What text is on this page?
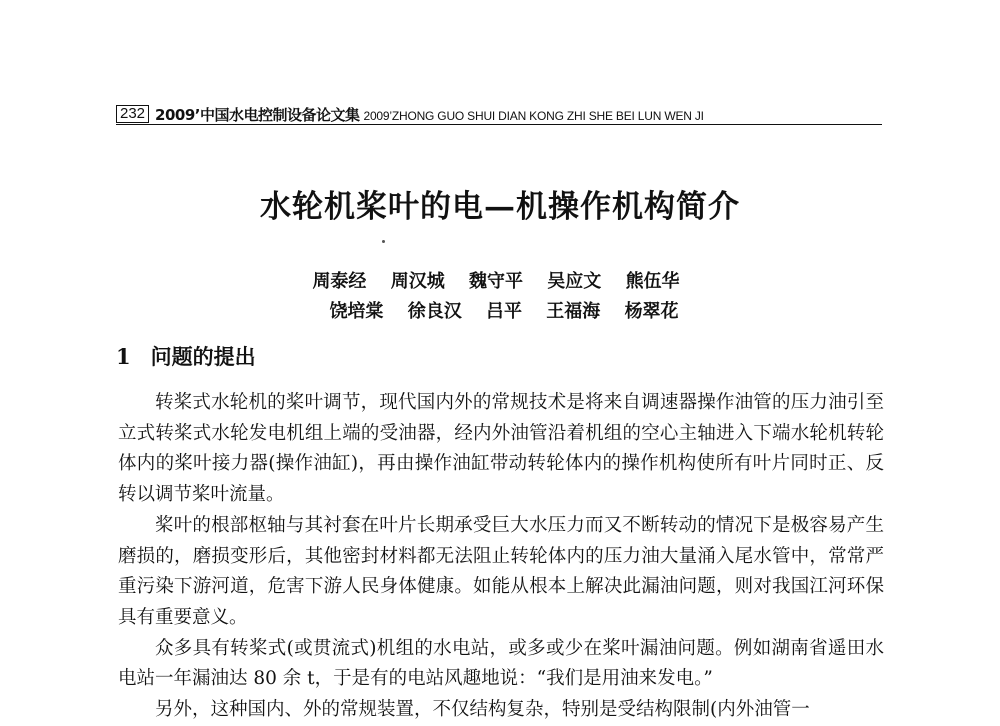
232 2009’中国水电控制设备论文集 2009’ZHONG GUO SHUI DIAN KONG ZHI SHE BEI LUN WEN JI
水轮机桨叶的电—机操作机构简介
周泰经 周汉城 魏守平 吴应文 熊伍华
饶培棠 徐良汉 吕平 王福海 杨翠花
1 问题的提出

转桨式水轮机的桨叶调节，现代国内外的常规技术是将来自调速器操作油管的压力油引至立式转桨式水轮发电机组上端的受油器，经内外油管沿着机组的空心主轴进入下端水轮机转轮体内的桨叶接力器(操作油缸)，再由操作油缸带动转轮体内的操作机构使所有叶片同时正、反转以调节桨叶流量。

桨叶的根部枢轴与其衬套在叶片长期承受巨大水压力而又不断转动的情况下是极容易产生磨损的，磨损变形后，其他密封材料都无法阻止转轮体内的压力油大量涌入尾水管中，常常严重污染下游河道，危害下游人民身体健康。如能从根本上解决此漏油问题，则对我国江河环保具有重要意义。

众多具有转桨式(或贯流式)机组的水电站，或多或少在桨叶漏油问题。例如湖南省遥田水电站一年漏油达 80 余 t，于是有的电站风趣地说：“我们是用油来发电。”

另外，这种国内、外的常规装置，不仅结构复杂，特别是受结构限制(内外油管一
